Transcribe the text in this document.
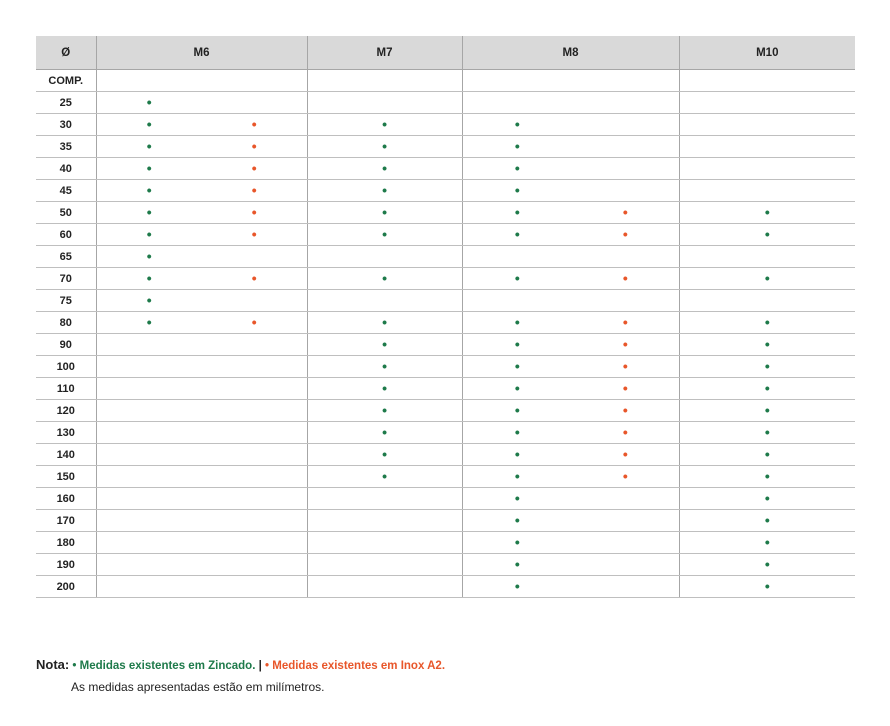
Ø	M6		M7	M8		M10
COMP.						
25	•					
30	•	•	•	•		
35	•	•	•	•		
40	•	•	•	•		
45	•	•	•	•		
50	•	•	•	•	•	•
60	•	•	•	•	•	•
65	•					
70	•	•	•	•	•	•
75	•					
80	•	•	•	•	•	•
90			•	•	•	•
100			•	•	•	•
110			•	•	•	•
120			•	•	•	•
130			•	•	•	•
140			•	•	•	•
150			•	•	•	•
160				•		•
170				•		•
180				•		•
190				•		•
200				•		•
Nota: • Medidas existentes em Zincado. | • Medidas existentes em Inox A2.
As medidas apresentadas estão em milímetros.
